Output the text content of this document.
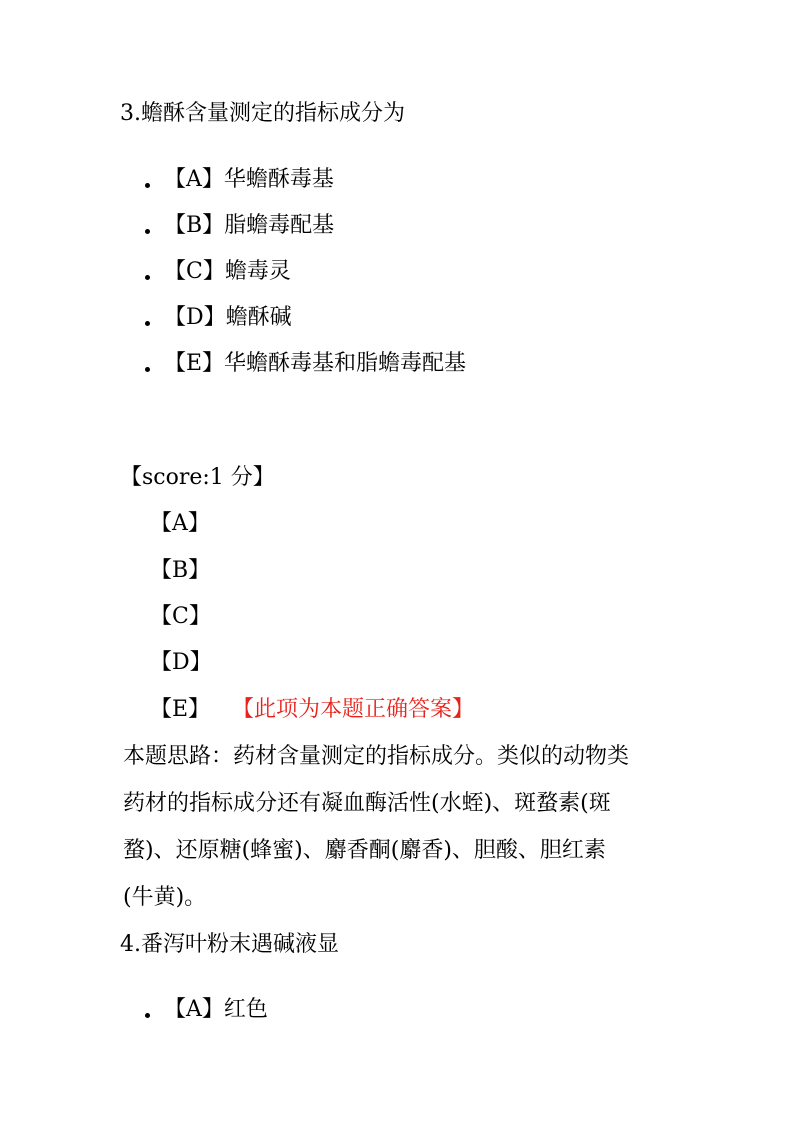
3.蟾酥含量测定的指标成分为
【A】华蟾酥毒基
【B】脂蟾毒配基
【C】蟾毒灵
【D】蟾酥碱
【E】华蟾酥毒基和脂蟾毒配基
【score:1 分】
【A】
【B】
【C】
【D】
【E】 【此项为本题正确答案】
本题思路：药材含量测定的指标成分。类似的动物类
药材的指标成分还有凝血酶活性(水蛭)、斑蝥素(斑
蝥)、还原糖(蜂蜜)、麝香酮(麝香)、胆酸、胆红素
(牛黄)。
4.番泻叶粉末遇碱液显
【A】红色
